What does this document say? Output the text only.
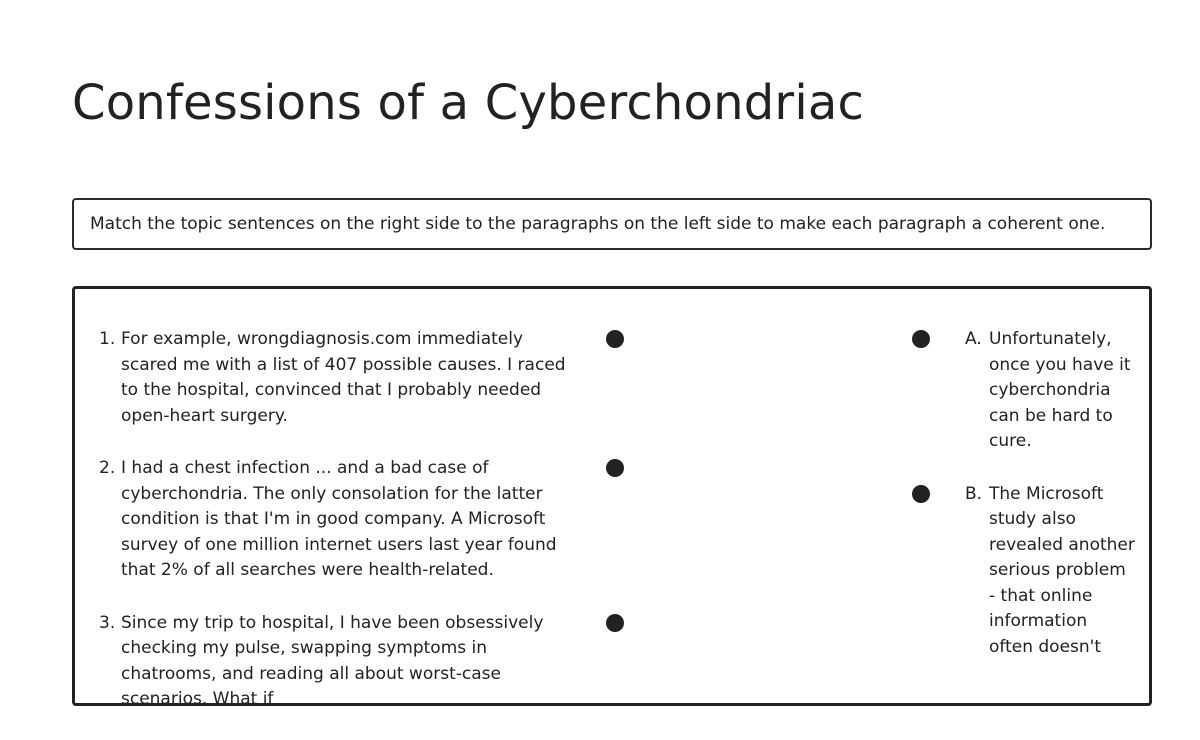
Confessions of a Cyberchondriac
Match the topic sentences on the right side to the paragraphs on the left side to make each paragraph a coherent one.
1. For example, wrongdiagnosis.com immediately scared me with a list of 407 possible causes. I raced to the hospital, convinced that I probably needed open-heart surgery.
2. I had a chest infection ... and a bad case of cyberchondria. The only consolation for the latter condition is that I'm in good company. A Microsoft survey of one million internet users last year found that 2% of all searches were health-related.
3. Since my trip to hospital, I have been obsessively checking my pulse, swapping symptoms in chatrooms, and reading all about worst-case scenarios. What if
A. Unfortunately, once you have it cyberchondria can be hard to cure.
B. The Microsoft study also revealed another serious problem - that online information often doesn't
